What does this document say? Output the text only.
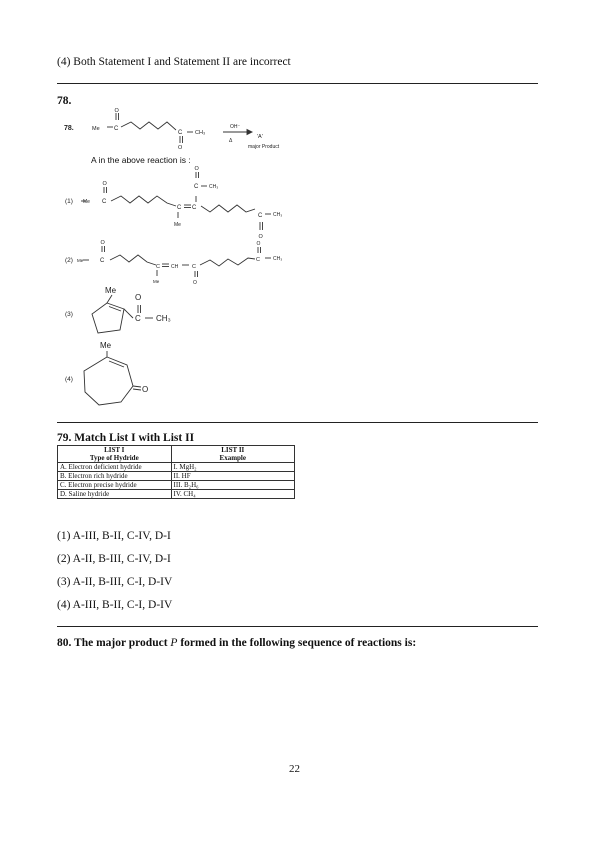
(4) Both Statement I and Statement II are incorrect
78.
78.	Me C
O
C
O
CH₃
OH⁻
Δ
'A'
major Product
(1) Me C
O
C C
C
O
CH₃
Me
C
O
CH₃
(2) Me	C
O
C CH	C
Me	O
C
O
CH₃
(3)
Me
O
C CH₃
(4)
Me
O
A in the above reaction is :
79. Match List I with List II
LIST I	LIST II
Type of Hydride	Example
A. Electron deficient hydride	I. MgH₂
B. Electron rich hydride	II. HF
C. Electron precise hydride	III. B₂H₆
D. Saline hydride	IV. CH₄
(1) A-III, B-II, C-IV, D-I
(2) A-II, B-III, C-IV, D-I
(3) A-II, B-III, C-I, D-IV
(4) A-III, B-II, C-I, D-IV
80. The major product P formed in the following sequence of reactions is:
22
